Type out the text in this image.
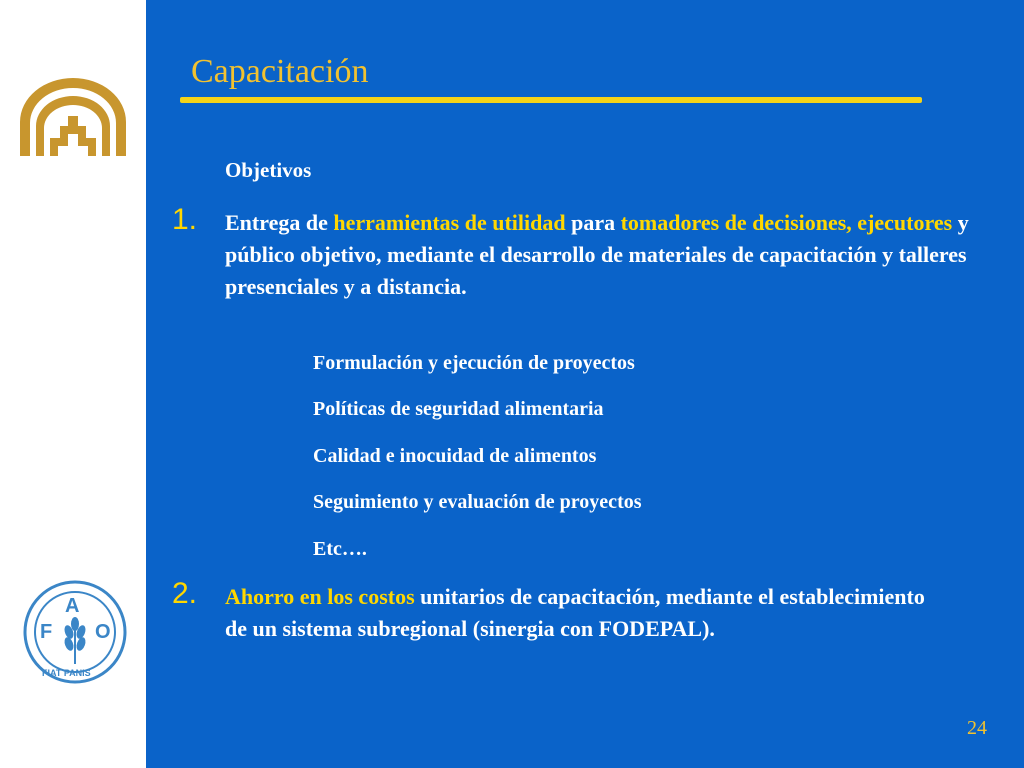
F
A
O
FIAT PANIS
Capacitación

Objetivos

1. Entrega de herramientas de utilidad para tomadores de decisiones, ejecutores y público objetivo, mediante el desarrollo de materiales de capacitación y talleres presenciales y a distancia.

Formulación y ejecución de proyectos

Políticas de seguridad alimentaria

Calidad e inocuidad de alimentos

Seguimiento y evaluación de proyectos

Etc….

2. Ahorro en los costos unitarios de capacitación, mediante el establecimiento de un sistema subregional (sinergia con FODEPAL).

24
